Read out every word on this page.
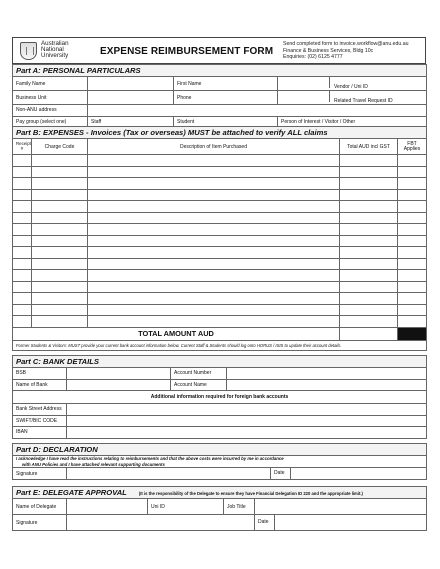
Australian
National
University	EXPENSE REIMBURSEMENT FORM
Send completed form to invoice.workflow@anu.edu.au
Finance & Business Services, Bldg 10c
Enquiries: (02) 6125 4777
Part A: PERSONAL PARTICULARS			
Family Name		First Name	Vendor / Uni ID
Business Unit		Phone	Related Travel Request ID
Non-ANU address			
Pay group (select one)	Staff	Student	Person of Interest / Visitor / Other
Part B: EXPENSES - Invoices (Tax or overseas) MUST be attached to verify ALL claims				
Receipt #	Charge Code	Description of Item Purchased	Total AUD incl GST	FBT Applies

TOTAL AMOUNT AUD				
Former Students & Visitors: MUST provide your current bank account information below. Current Staff & Students should log onto HORUS / ISIS to update their account details.				
Part C: BANK DETAILS			
BSB		Account Number	
Name of Bank		Account Name	
Additional information required for foreign bank accounts			
Bank Street Address			
SWIFT/BIC CODE			
IBAN			
Part D: DECLARATION

I acknowledge I have read the instructions relating to reimbursements and that the above costs were incurred by me in accordance
with ANU Policies and I have attached relevant supporting documents

Signature		Date
Part E: DELEGATE APPROVAL (It is the responsibility of the Delegate to ensure they have Financial Delegation ID 220 and the appropriate limit.)				
Name of Delegate		Uni ID	Job Title	
Signature				Date
